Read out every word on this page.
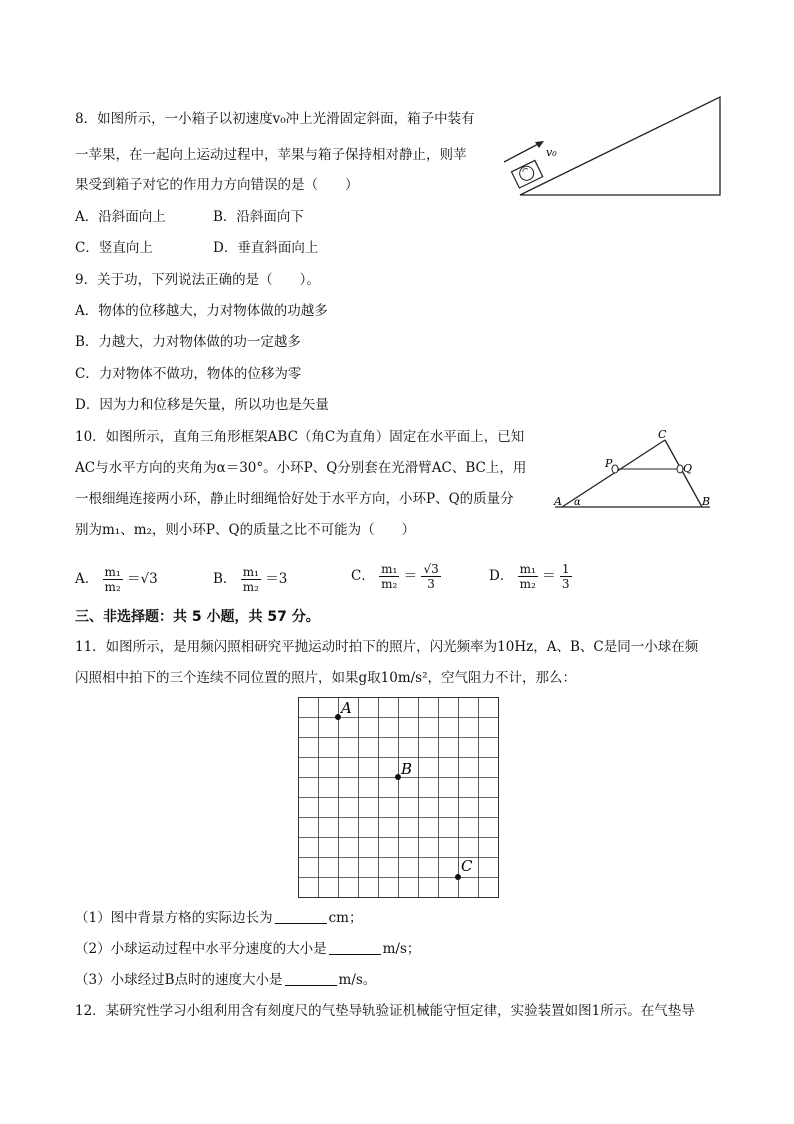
8．如图所示，一小箱子以初速度v₀冲上光滑固定斜面，箱子中装有
一苹果，在一起向上运动过程中，苹果与箱子保持相对静止，则苹
果受到箱子对它的作用力方向错误的是（　　）
A．沿斜面向上	B．沿斜面向下
C．竖直向上	D．垂直斜面向上
v₀
9．关于功，下列说法正确的是（　　）。
A．物体的位移越大，力对物体做的功越多
B．力越大，力对物体做的功一定越多
C．力对物体不做功，物体的位移为零
D．因为力和位移是矢量，所以功也是矢量
10．如图所示，直角三角形框架ABC（角C为直角）固定在水平面上，已知
AC与水平方向的夹角为α＝30°。小环P、Q分别套在光滑臂AC、BC上，用
一根细绳连接两小环，静止时细绳恰好处于水平方向，小环P、Q的质量分
别为m₁、m₂，则小环P、Q的质量之比不可能为（　　）
C
P	Q
A	B
α
A． $\frac{\text{m₁}}{\text{m₂}} =√3$	B． $\frac{\text{m₁}}{\text{m₂}} =3$	C． $\frac{\text{m₁}}{\text{m₂}} = \frac{√3}{3}$	D． $\frac{\text{m₁}}{\text{m₂}} = \frac{1}{3}$
三、非选择题：共 5 小题，共 57 分。
11．如图所示，是用频闪照相研究平抛运动时拍下的照片，闪光频率为10Hz，A、B、C是同一小球在频
闪照相中拍下的三个连续不同位置的照片，如果g取10m/s²，空气阻力不计，那么：
A
B
C
（1）图中背景方格的实际边长为	cm；
（2）小球运动过程中水平分速度的大小是	m/s；
（3）小球经过B点时的速度大小是	m/s。
12．某研究性学习小组利用含有刻度尺的气垫导轨验证机械能守恒定律，实验装置如图1所示。在气垫导
